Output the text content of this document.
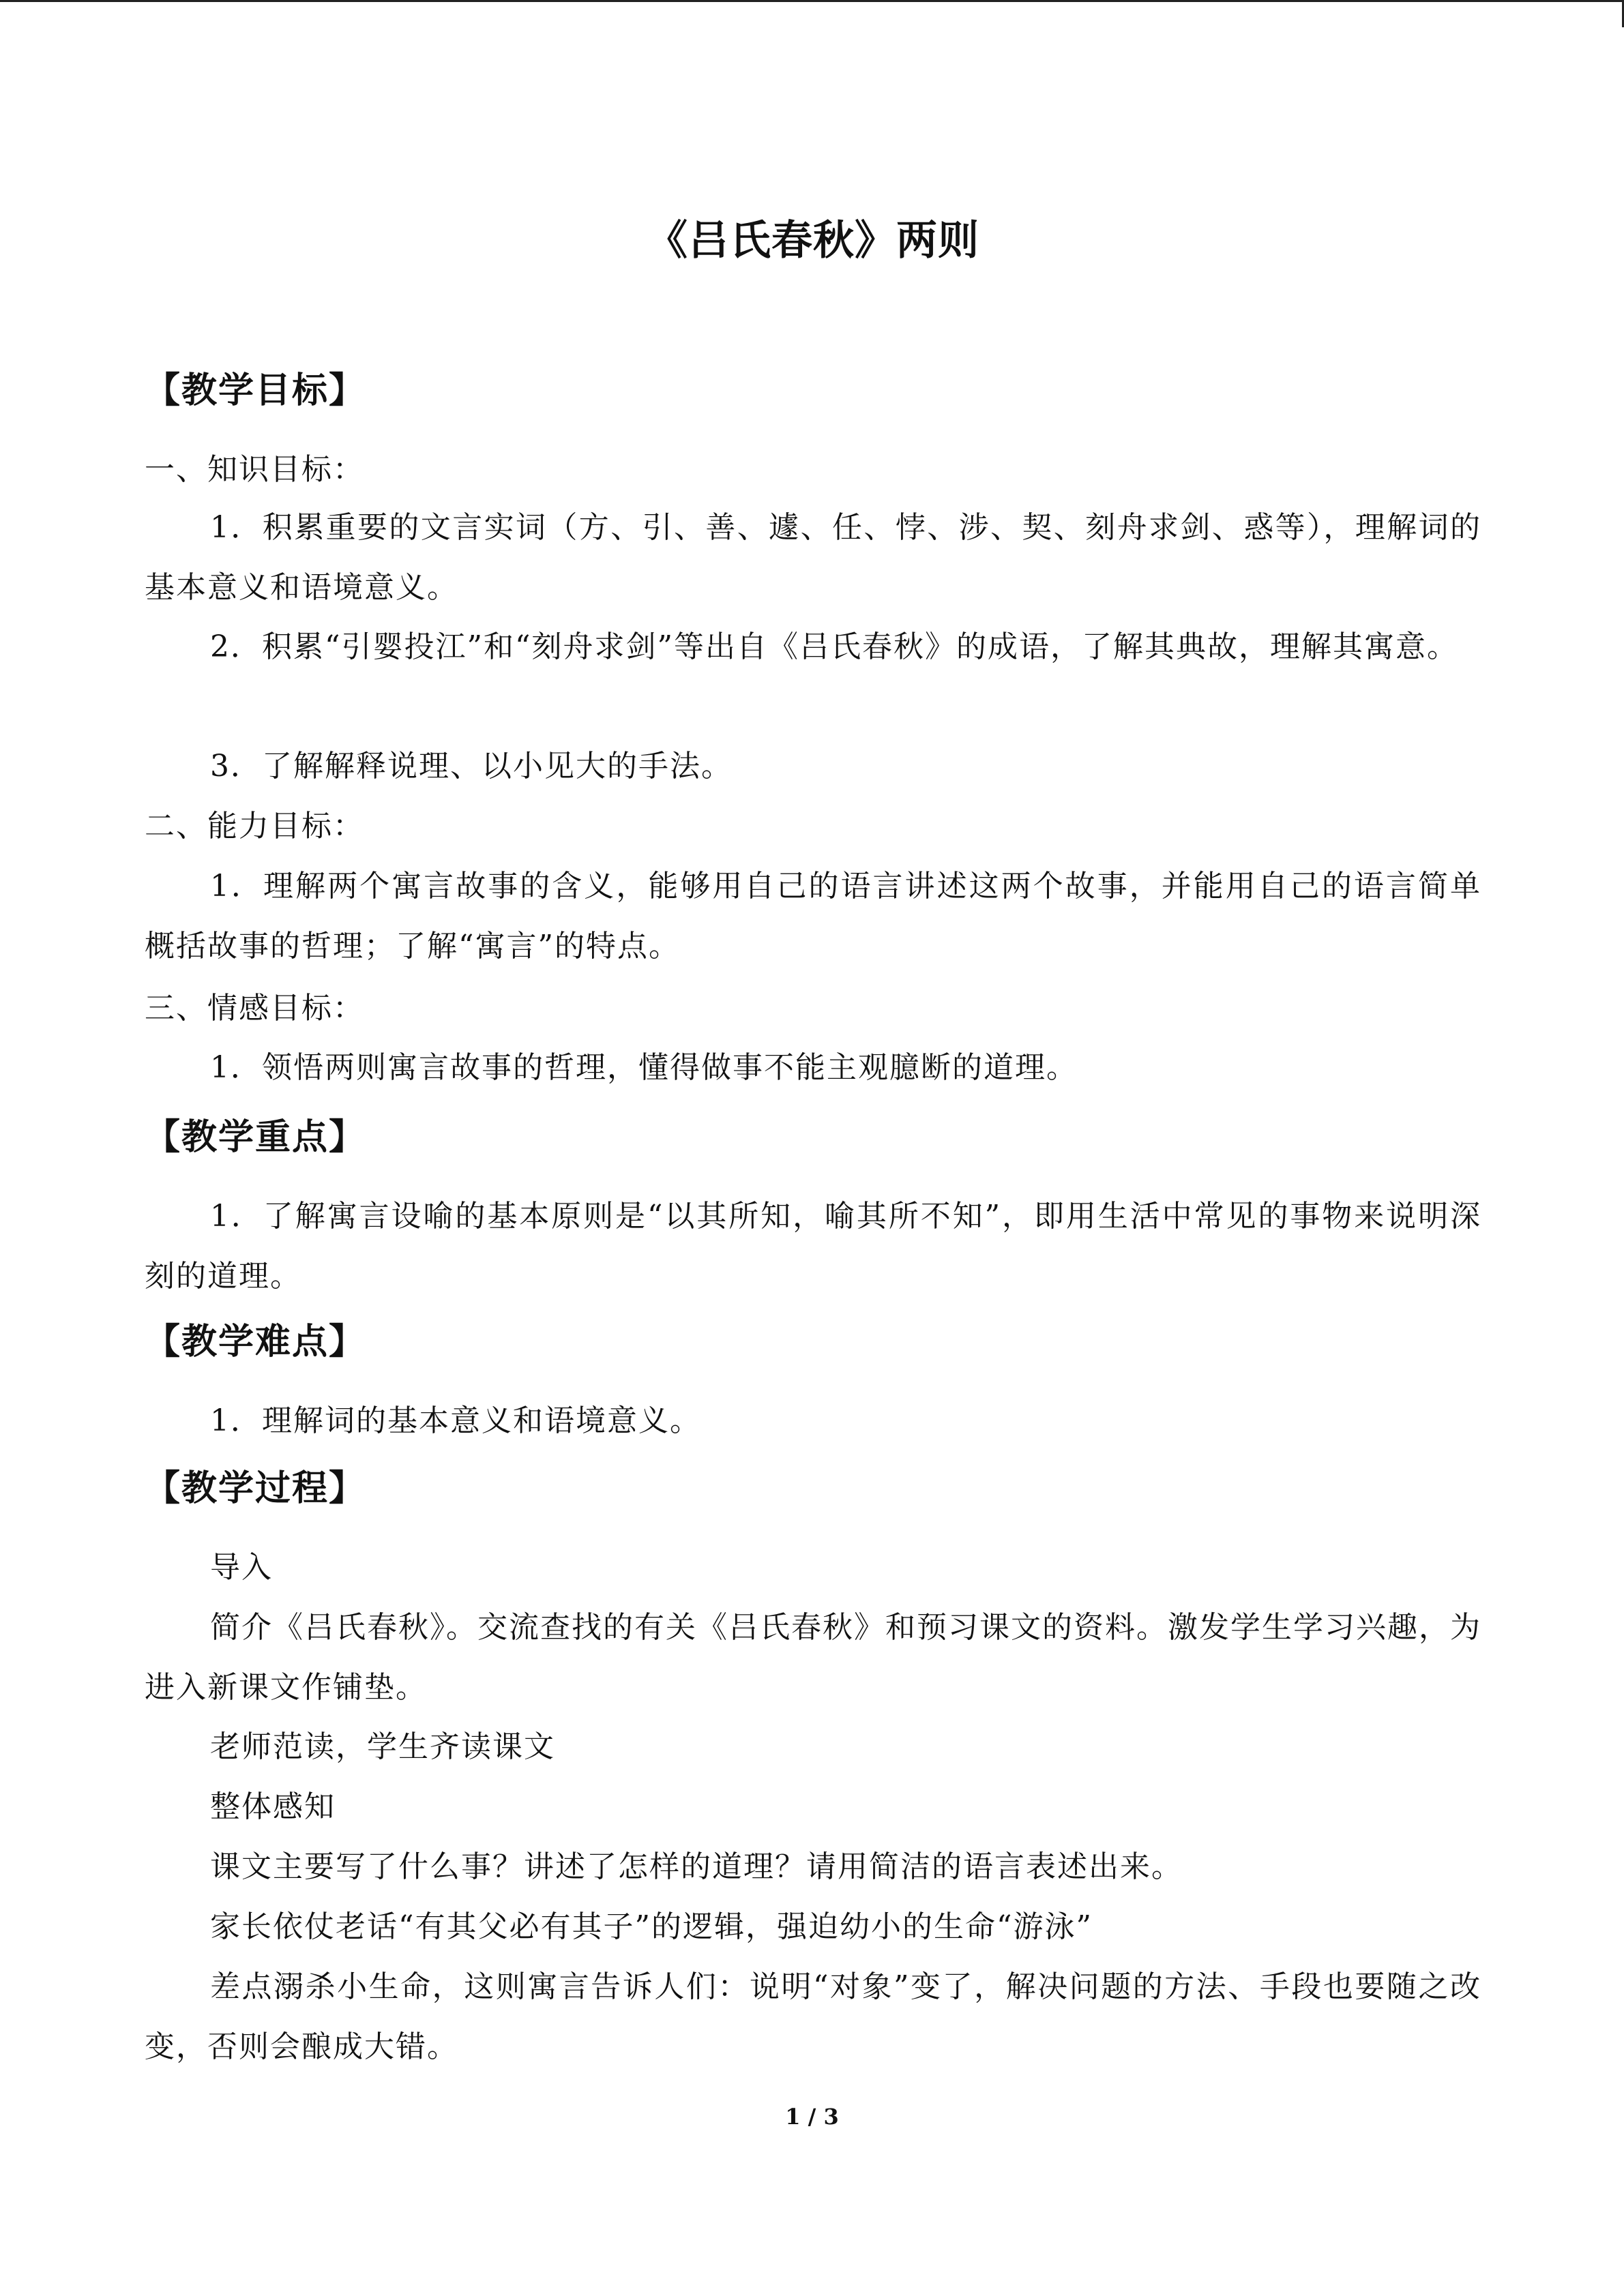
《吕氏春秋》两则
【教学目标】
一、知识目标：
1．积累重要的文言实词（方、引、善、遽、任、悖、涉、契、刻舟求剑、惑等），理解词的基本意义和语境意义。
2．积累“引婴投江”和“刻舟求剑”等出自《吕氏春秋》的成语，了解其典故，理解其寓意。
3．了解解释说理、以小见大的手法。
二、能力目标：
1．理解两个寓言故事的含义，能够用自己的语言讲述这两个故事，并能用自己的语言简单概括故事的哲理；了解“寓言”的特点。
三、情感目标：
1．领悟两则寓言故事的哲理，懂得做事不能主观臆断的道理。
【教学重点】
1．了解寓言设喻的基本原则是“以其所知，喻其所不知”，即用生活中常见的事物来说明深刻的道理。
【教学难点】
1．理解词的基本意义和语境意义。
【教学过程】
导入
简介《吕氏春秋》。交流查找的有关《吕氏春秋》和预习课文的资料。激发学生学习兴趣，为进入新课文作铺垫。
老师范读，学生齐读课文
整体感知
课文主要写了什么事？讲述了怎样的道理？请用简洁的语言表述出来。
家长依仗老话“有其父必有其子”的逻辑，强迫幼小的生命“游泳”
差点溺杀小生命，这则寓言告诉人们：说明“对象”变了，解决问题的方法、手段也要随之改变，否则会酿成大错。
1 / 3
